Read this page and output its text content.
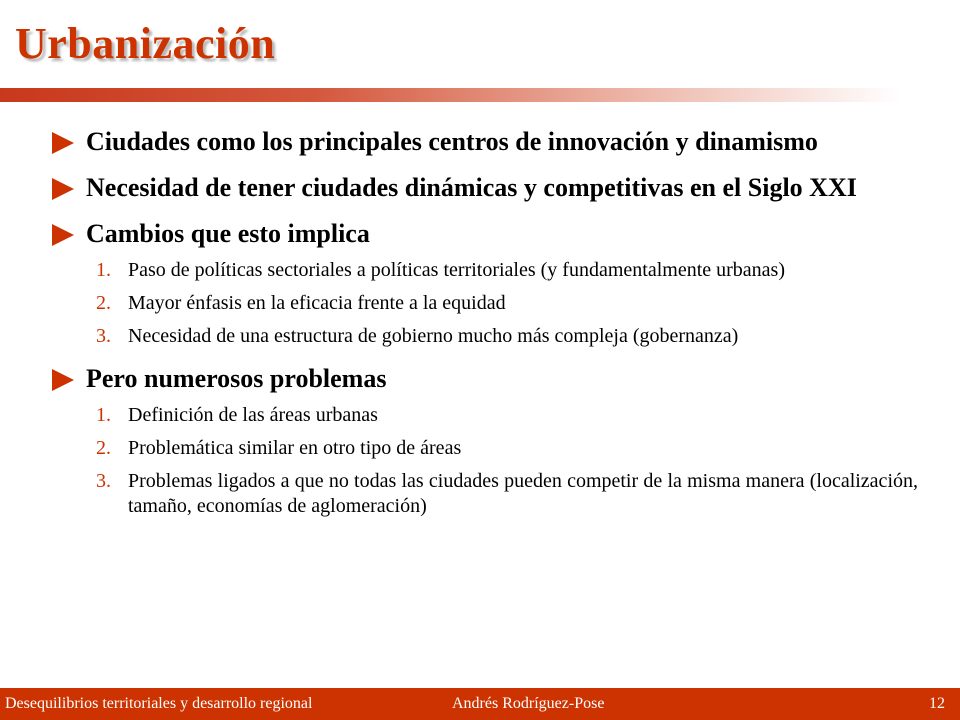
Urbanización
Ciudades como los principales centros de innovación y dinamismo
Necesidad de tener ciudades dinámicas y competitivas en el Siglo XXI
Cambios que esto implica
1. Paso de políticas sectoriales a políticas territoriales (y fundamentalmente urbanas)
2. Mayor énfasis en la eficacia frente a la equidad
3. Necesidad de una estructura de gobierno mucho más compleja (gobernanza)
Pero numerosos problemas
1. Definición de las áreas urbanas
2. Problemática similar en otro tipo de áreas
3. Problemas ligados a que no todas las ciudades pueden competir de la misma manera (localización, tamaño, economías de aglomeración)
Desequilibrios territoriales y desarrollo regional	Andrés Rodríguez-Pose	12
